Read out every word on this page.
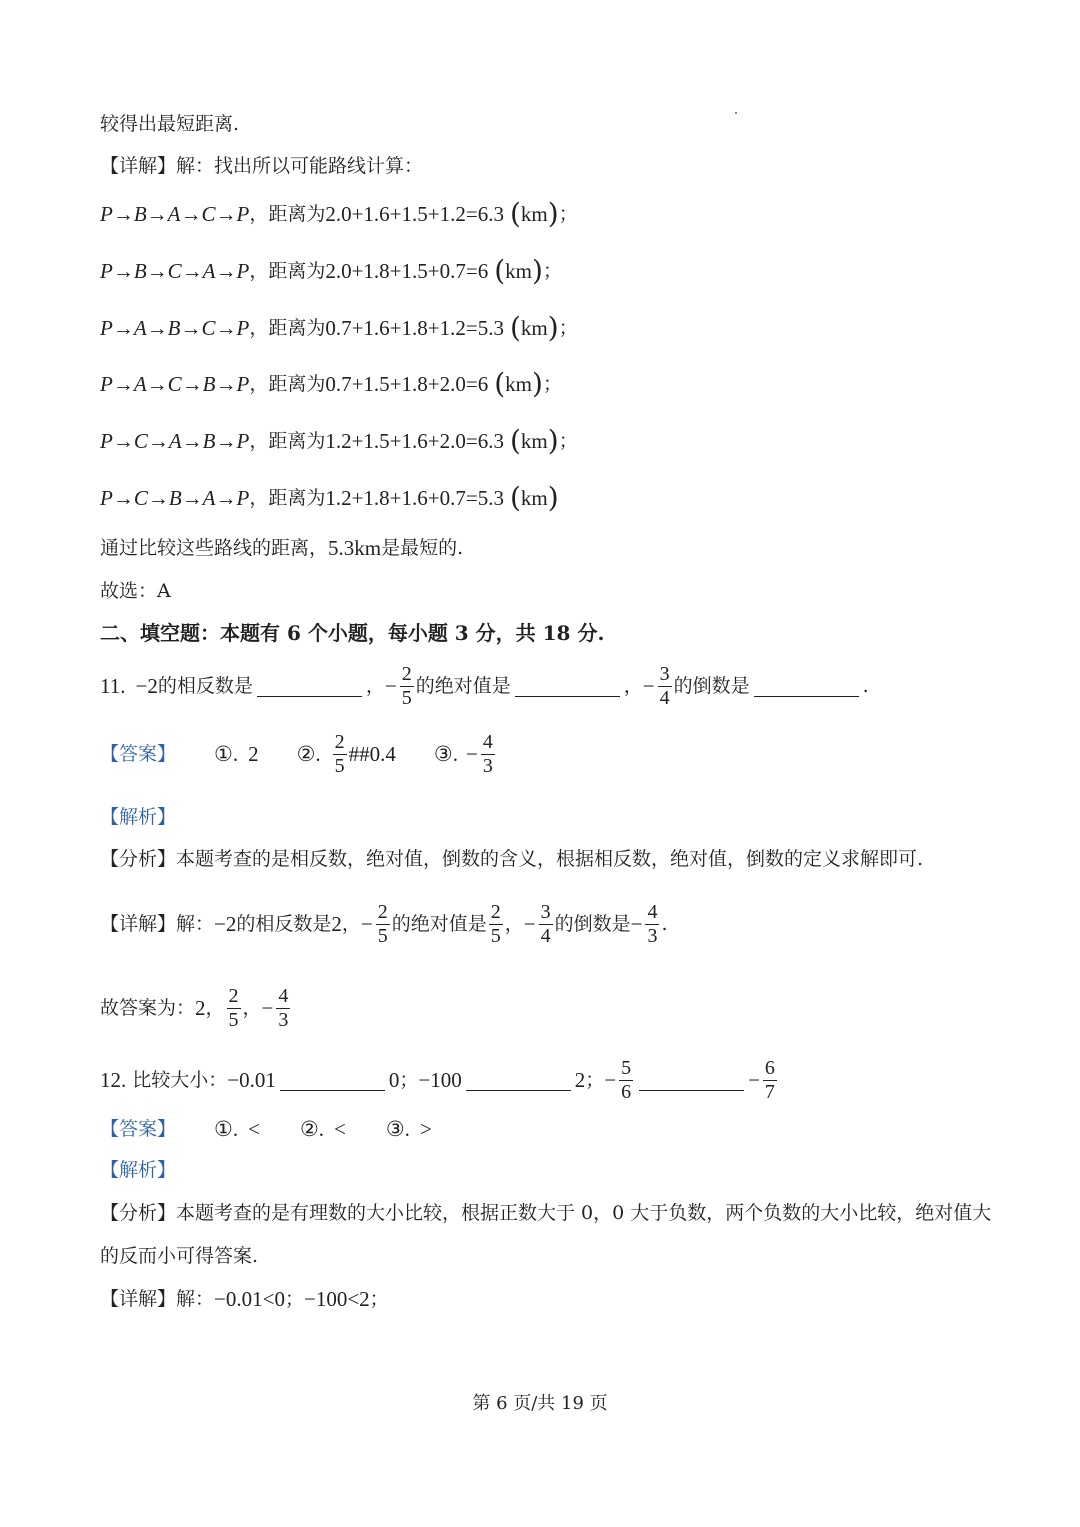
较得出最短距离.
【详解】 解：找出所以可能路线计算：
P→B→A→C→P ，距离为 2.0+1.6+1.5+1.2=6.3 ( km ) ；
P→B→C→A→P ，距离为 2.0+1.8+1.5+0.7=6 ( km ) ；
P→A→B→C→P ，距离为 0.7+1.6+1.8+1.2=5.3 ( km ) ；
P→A→C→B→P ，距离为 0.7+1.5+1.8+2.0=6 ( km ) ；
P→C→A→B→P ，距离为 1.2+1.5+1.6+2.0=6.3 ( km ) ；
P→C→B→A→P ，距离为 1.2+1.8+1.6+0.7=5.3 ( km )
通过比较这些路线的距离， 5.3km 是最短的.
故选：A
二、填空题：本题有 6 个小题，每小题 3 分，共 18 分.
11. −2 的相反数是	， − $\frac{2}{5}$ 的绝对值是	， − $\frac{3}{4}$ 的倒数是	.
【答案】 ①. 2 ②. $\frac{2}{5}$ ##0.4 ③. − $\frac{4}{3}$
【解析】
【分析】 本题考查的是相反数，绝对值，倒数的含义，根据相反数，绝对值，倒数的定义求解即可.
【详解】 解： −2 的相反数是 2 ， − $\frac{2}{5}$ 的绝对值是 $\frac{2}{5}$ ， − $\frac{3}{4}$ 的倒数是 − $\frac{4}{3}$ .
故答案为： 2 ， $\frac{2}{5}$ ， − $\frac{4}{3}$
12. 比较大小： −0.01	0 ； −100	2 ； − $\frac{5}{6}$	− $\frac{6}{7}$
【答案】 ①. < ②. < ③. >
【解析】
【分析】 本题考查的是有理数的大小比较，根据正数大于 0，0 大于负数，两个负数的大小比较，绝对值大
的反而小可得答案.
【详解】 解： −0.01<0 ； −100<2 ；
第 6 页/共 19 页
